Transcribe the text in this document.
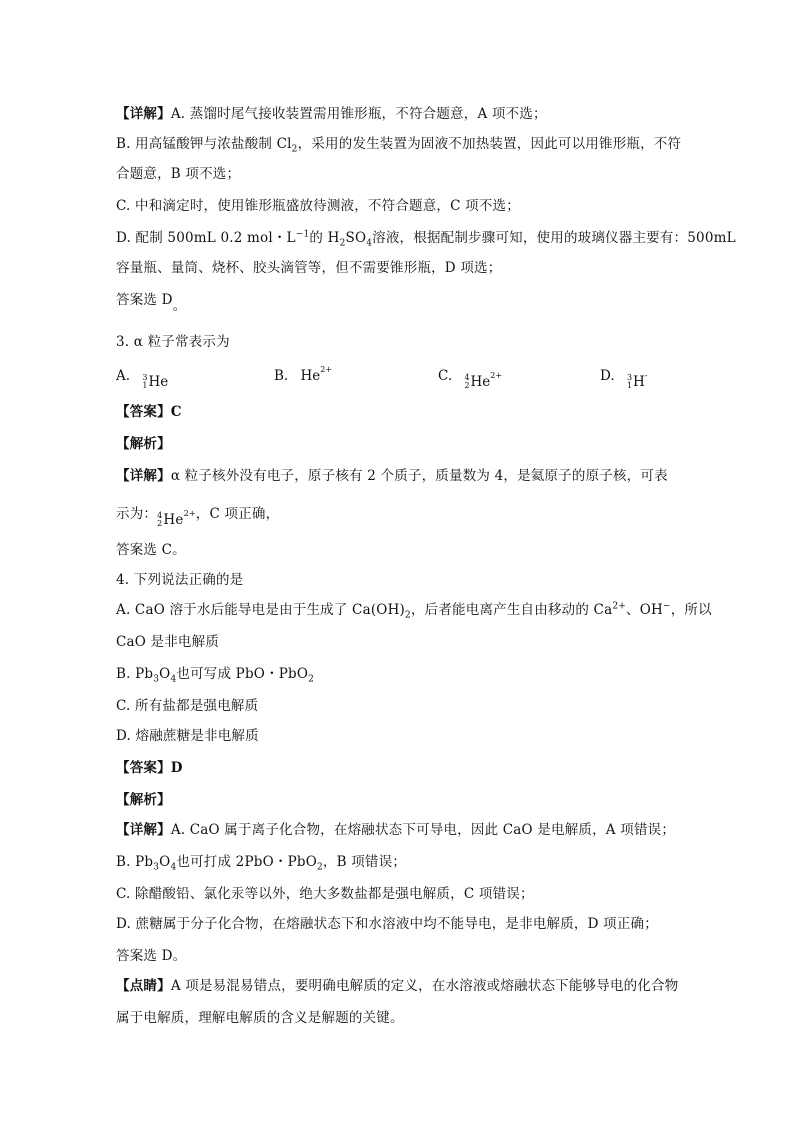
【详解】A. 蒸馏时尾气接收装置需用锥形瓶，不符合题意，A 项不选；
B. 用高锰酸钾与浓盐酸制 $Cl_2$，采用的发生装置为固液不加热装置，因此可以用锥形瓶，不符
合题意，B 项不选；
C. 中和滴定时，使用锥形瓶盛放待测液，不符合题意，C 项不选；
D. 配制 500mL 0.2 mol・$L^{-1}$的 $H_2SO_4$溶液，根据配制步骤可知，使用的玻璃仪器主要有：500mL
容量瓶、量筒、烧杯、胶头滴管等，但不需要锥形瓶，D 项选；
答案选 D。
3. α 粒子常表示为
A. 3
1 He	B. He 2+	C. 4
2 He 2+	D. 3
1 H -
【答案】C
【解析】
【详解】α 粒子核外没有电子，原子核有 2 个质子，质量数为 4，是氦原子的原子核，可表
示为： 4
2 He 2+ ，C 项正确，
答案选 C。
4. 下列说法正确的是
A. CaO 溶于水后能导电是由于生成了 $Ca(OH)_2$，后者能电离产生自由移动的 $Ca^{2+}$、OH−，所以
CaO 是非电解质
B. $Pb_3O_4$也可写成 PbO・PbO$_2$
C. 所有盐都是强电解质
D. 熔融蔗糖是非电解质
【答案】D
【解析】
【详解】A. CaO 属于离子化合物，在熔融状态下可导电，因此 CaO 是电解质，A 项错误；
B. $Pb_3O_4$也可打成 2PbO・PbO$_2$，B 项错误；
C. 除醋酸铅、氯化汞等以外，绝大多数盐都是强电解质，C 项错误；
D. 蔗糖属于分子化合物，在熔融状态下和水溶液中均不能导电，是非电解质，D 项正确；
答案选 D。
【点睛】A 项是易混易错点，要明确电解质的定义，在水溶液或熔融状态下能够导电的化合物
属于电解质，理解电解质的含义是解题的关键。
